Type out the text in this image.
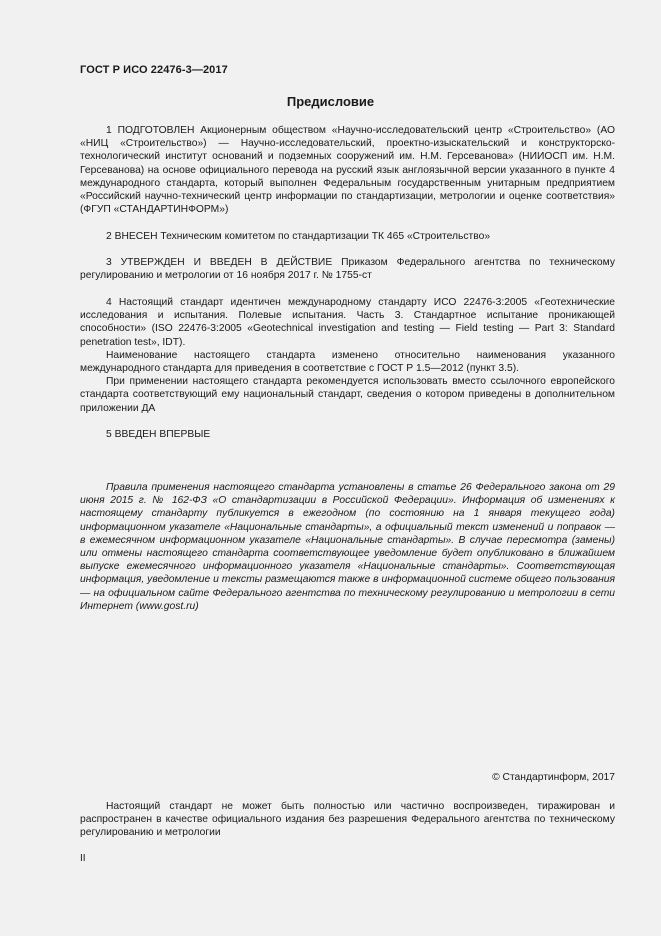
ГОСТ Р ИСО 22476-3—2017
Предисловие

1 ПОДГОТОВЛЕН Акционерным обществом «Научно-исследовательский центр «Строительство» (АО «НИЦ «Строительство») — Научно-исследовательский, проектно-изыскательский и конструкторско-технологический институт оснований и подземных сооружений им. Н.М. Герсеванова» (НИИОСП им. Н.М. Герсеванова) на основе официального перевода на русский язык англоязычной версии указанного в пункте 4 международного стандарта, который выполнен Федеральным государственным унитарным предприятием «Российский научно-технический центр информации по стандартизации, метрологии и оценке соответствия» (ФГУП «СТАНДАРТИНФОРМ»)

2 ВНЕСЕН Техническим комитетом по стандартизации ТК 465 «Строительство»

3 УТВЕРЖДЕН И ВВЕДЕН В ДЕЙСТВИЕ Приказом Федерального агентства по техническому регулированию и метрологии от 16 ноября 2017 г. № 1755-ст

4 Настоящий стандарт идентичен международному стандарту ИСО 22476-3:2005 «Геотехнические исследования и испытания. Полевые испытания. Часть 3. Стандартное испытание проникающей способности» (ISO 22476-3:2005 «Geotechnical investigation and testing — Field testing — Part 3: Standard penetration test», IDT).

Наименование настоящего стандарта изменено относительно наименования указанного международного стандарта для приведения в соответствие с ГОСТ Р 1.5—2012 (пункт 3.5).

При применении настоящего стандарта рекомендуется использовать вместо ссылочного европейского стандарта соответствующий ему национальный стандарт, сведения о котором приведены в дополнительном приложении ДА

5 ВВЕДЕН ВПЕРВЫЕ

Правила применения настоящего стандарта установлены в статье 26 Федерального закона от 29 июня 2015 г. № 162-ФЗ «О стандартизации в Российской Федерации». Информация об изменениях к настоящему стандарту публикуется в ежегодном (по состоянию на 1 января текущего года) информационном указателе «Национальные стандарты», а официальный текст изменений и поправок — в ежемесячном информационном указателе «Национальные стандарты». В случае пересмотра (замены) или отмены настоящего стандарта соответствующее уведомление будет опубликовано в ближайшем выпуске ежемесячного информационного указателя «Национальные стандарты». Соответствующая информация, уведомление и тексты размещаются также в информационной системе общего пользования — на официальном сайте Федерального агентства по техническому регулированию и метрологии в сети Интернет (www.gost.ru)

© Стандартинформ, 2017

Настоящий стандарт не может быть полностью или частично воспроизведен, тиражирован и распространен в качестве официального издания без разрешения Федерального агентства по техническому регулированию и метрологии

II
